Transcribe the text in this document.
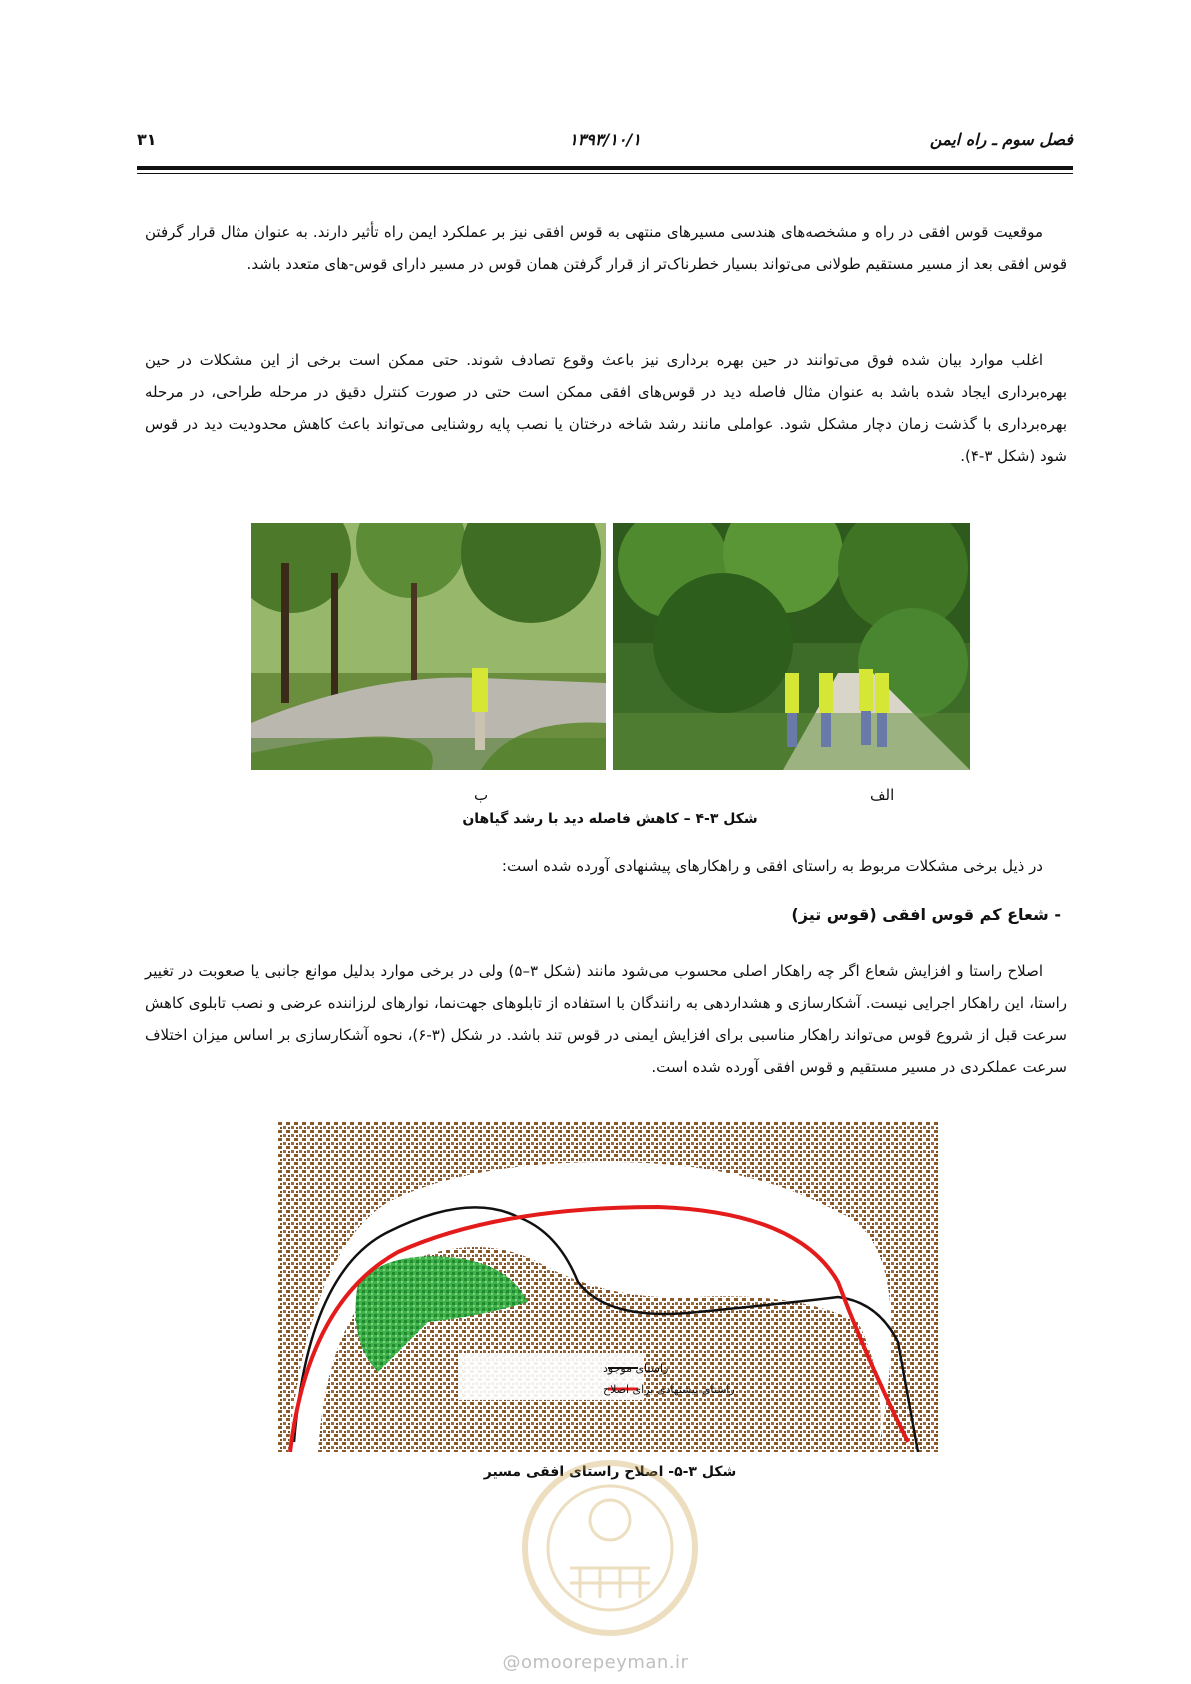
فصل سوم ـ راه ایمن
۱۳۹۳/۱۰/۱
۳۱

موقعیت قوس افقی در راه و مشخصه‌های هندسی مسیرهای منتهی به قوس افقی نیز بر عملکرد ایمن راه تأثیر دارند. به عنوان مثال قرار گرفتن قوس افقی بعد از مسیر مستقیم طولانی می‌تواند بسیار خطرناک‌تر از قرار گرفتن همان قوس در مسیر دارای قوس-های متعدد باشد.

اغلب موارد بیان شده فوق می‌توانند در حین بهره برداری نیز باعث وقوع تصادف شوند. حتی ممکن است برخی از این مشکلات در حین بهره‌برداری ایجاد شده باشد به عنوان مثال فاصله دید در قوس‌های افقی ممکن است حتی در صورت کنترل دقیق در مرحله طراحی، در مرحله بهره‌برداری با گذشت زمان دچار مشکل شود. عواملی مانند رشد شاخه درختان یا نصب پایه روشنایی می‌تواند باعث کاهش محدودیت دید در قوس شود (شکل ۳-۴).

الف
ب
شکل ۳-۴ – کاهش فاصله دید با رشد گیاهان

در ذیل برخی مشکلات مربوط به راستای افقی و راهکارهای پیشنهادی آورده شده است:

- شعاع کم قوس افقی (قوس تیز)

اصلاح راستا و افزایش شعاع اگر چه راهکار اصلی محسوب می‌شود مانند (شکل ۳–۵) ولی در برخی موارد بدلیل موانع جانبی یا صعوبت در تغییر راستا، این راهکار اجرایی نیست. آشکارسازی و هشداردهی به رانندگان با استفاده از تابلوهای جهت‌نما، نوارهای لرزاننده عرضی و نصب تابلوی کاهش سرعت قبل از شروع قوس می‌تواند راهکار مناسبی برای افزایش ایمنی در قوس تند باشد. در شکل (۳-۶)، نحوه آشکارسازی بر اساس میزان اختلاف سرعت عملکردی در مسیر مستقیم و قوس افقی آورده شده است.

راستای موجود
راستای پیشنهادی برای اصلاح
شکل ۳-۵- اصلاح راستای افقی مسیر
@omoorepeyman.ir
